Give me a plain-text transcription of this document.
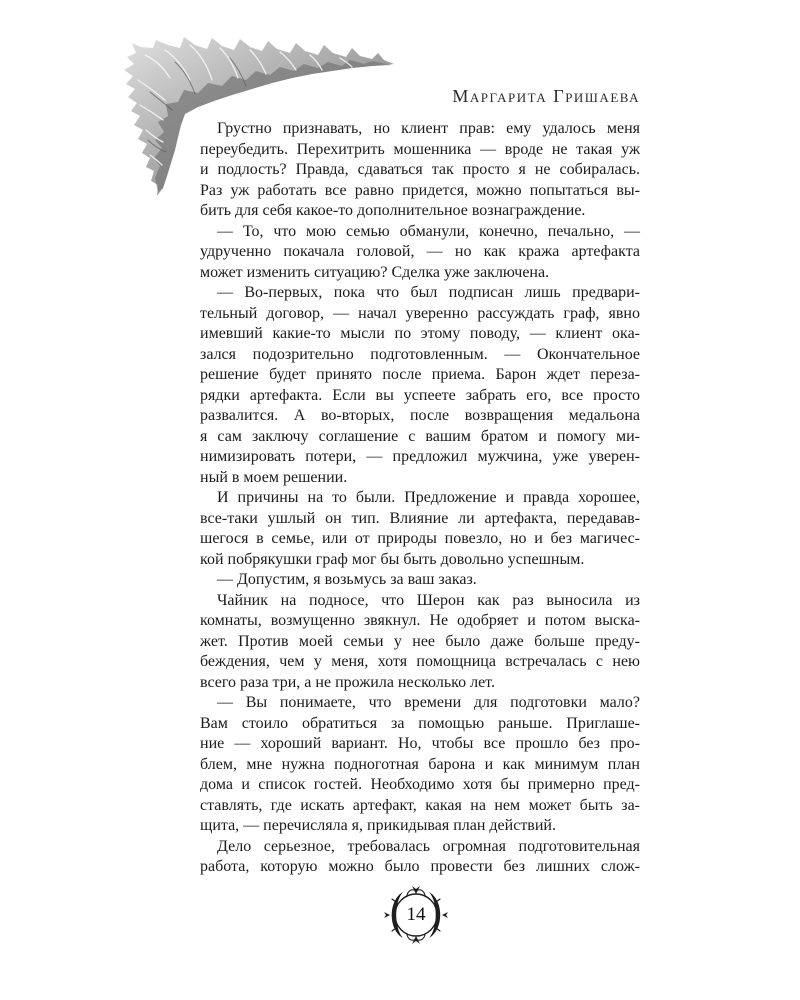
Маргарита Гришаева
Грустно признавать, но клиент прав: ему удалось меня
переубедить. Перехитрить мошенника — вроде не такая уж
и подлость? Правда, сдаваться так просто я не собиралась.
Раз уж работать все равно придется, можно попытаться вы-
бить для себя какое-то дополнительное вознаграждение.
— То, что мою семью обманули, конечно, печально, —
удрученно покачала головой, — но как кража артефакта
может изменить ситуацию? Сделка уже заключена.
— Во-первых, пока что был подписан лишь предвари-
тельный договор, — начал уверенно рассуждать граф, явно
имевший какие-то мысли по этому поводу, — клиент ока-
зался подозрительно подготовленным. — Окончательное
решение будет принято после приема. Барон ждет переза-
рядки артефакта. Если вы успеете забрать его, все просто
развалится. А во-вторых, после возвращения медальона
я сам заключу соглашение с вашим братом и помогу ми-
нимизировать потери, — предложил мужчина, уже уверен-
ный в моем решении.
И причины на то были. Предложение и правда хорошее,
все-таки ушлый он тип. Влияние ли артефакта, передавав-
шегося в семье, или от природы повезло, но и без магичес-
кой побрякушки граф мог бы быть довольно успешным.
— Допустим, я возьмусь за ваш заказ.
Чайник на подносе, что Шерон как раз выносила из
комнаты, возмущенно звякнул. Не одобряет и потом выска-
жет. Против моей семьи у нее было даже больше преду-
беждения, чем у меня, хотя помощница встречалась с нею
всего раза три, а не прожила несколько лет.
— Вы понимаете, что времени для подготовки мало?
Вам стоило обратиться за помощью раньше. Приглаше-
ние — хороший вариант. Но, чтобы все прошло без про-
блем, мне нужна подноготная барона и как минимум план
дома и список гостей. Необходимо хотя бы примерно пред-
ставлять, где искать артефакт, какая на нем может быть за-
щита, — перечисляла я, прикидывая план действий.
Дело серьезное, требовалась огромная подготовительная
работа, которую можно было провести без лишних слож-
14
